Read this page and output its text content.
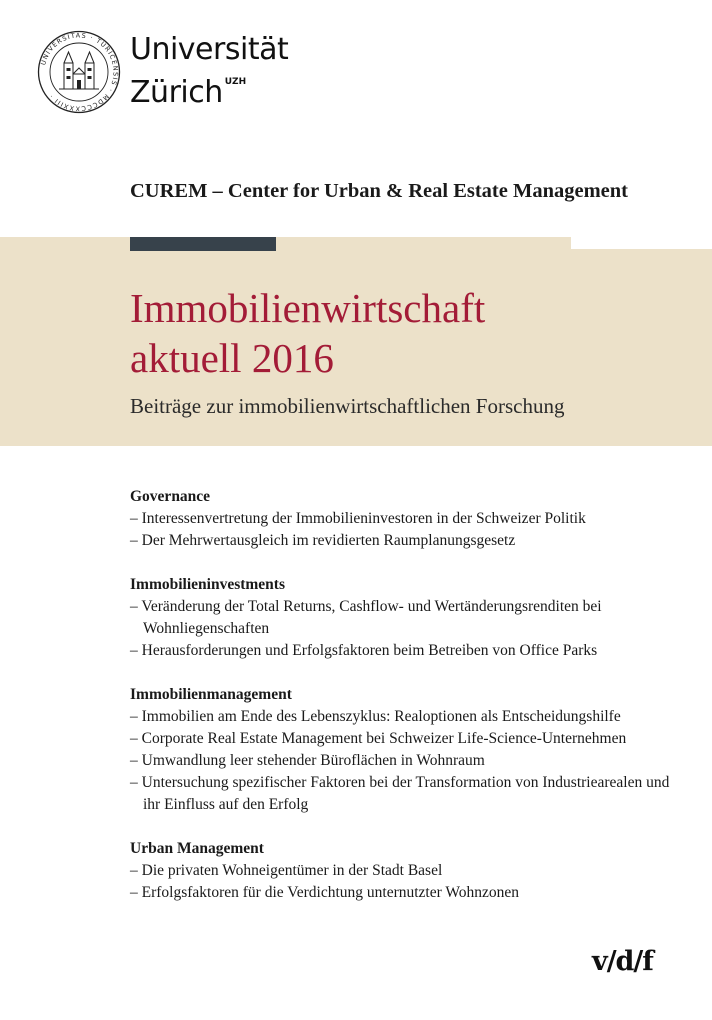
UNIVERSITAS · TURICENSIS · MDCCCXXXIII ·
Universität
Zürich $^{UZH}$
CUREM – Center for Urban & Real Estate Management
Immobilienwirtschaft
aktuell 2016
Beiträge zur immobilienwirtschaftlichen Forschung
Governance
– Interessenvertretung der Immobilieninvestoren in der Schweizer Politik
– Der Mehrwertausgleich im revidierten Raumplanungsgesetz
Immobilieninvestments
– Veränderung der Total Returns, Cashflow- und Wertänderungsrenditen bei Wohnliegenschaften
– Herausforderungen und Erfolgsfaktoren beim Betreiben von Office Parks
Immobilienmanagement
– Immobilien am Ende des Lebenszyklus: Realoptionen als Entscheidungshilfe
– Corporate Real Estate Management bei Schweizer Life-Science-Unternehmen
– Umwandlung leer stehender Büroflächen in Wohnraum
– Untersuchung spezifischer Faktoren bei der Transformation von Industriearealen und ihr Einfluss auf den Erfolg
Urban Management
– Die privaten Wohneigentümer in der Stadt Basel
– Erfolgsfaktoren für die Verdichtung unternutzter Wohnzonen
v/d/f
